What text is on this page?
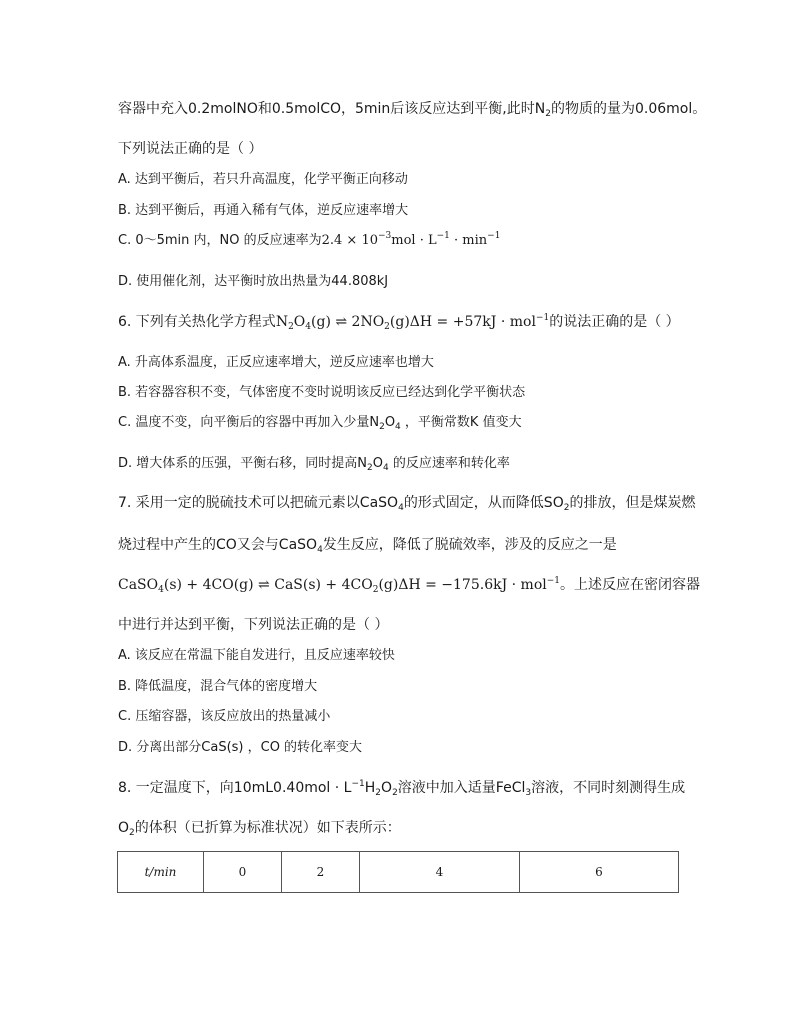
容器中充入0.2molNO和0.5molCO，5min后该反应达到平衡,此时$N_2$的物质的量为0.06mol。
下列说法正确的是（ ）
A. 达到平衡后，若只升高温度，化学平衡正向移动
B. 达到平衡后，再通入稀有气体，逆反应速率增大
C. 0～5min 内，NO 的反应速率为$2.4 \times 10^{-3}mol \cdot L^{-1} \cdot \min^{-1}$
D. 使用催化剂，达平衡时放出热量为44.808kJ
6. 下列有关热化学方程式$N_2O_4(g)$ ⇌ $2NO_2(g)\Delta H = +57kJ \cdot mol^{-1}$的说法正确的是（ ）
A. 升高体系温度，正反应速率增大，逆反应速率也增大
B. 若容器容积不变，气体密度不变时说明该反应已经达到化学平衡状态
C. 温度不变，向平衡后的容器中再加入少量$N_2O_4$ ，平衡常数K 值变大
D. 增大体系的压强，平衡右移，同时提高$N_2O_4$ 的反应速率和转化率
7. 采用一定的脱硫技术可以把硫元素以CaSO$_4$的形式固定，从而降低$SO_2$的排放，但是煤炭燃
烧过程中产生的CO又会与CaSO$_4$发生反应，降低了脱硫效率，涉及的反应之一是
CaSO$_4$(s) + 4CO(g) ⇌ $CaS(s) + 4CO_2(g)\Delta H = -175.6kJ \cdot mol^{-1}$。上述反应在密闭容器
中进行并达到平衡，下列说法正确的是（ ）
A. 该反应在常温下能自发进行，且反应速率较快
B. 降低温度，混合气体的密度增大
C. 压缩容器，该反应放出的热量减小
D. 分离出部分CaS(s) ，CO 的转化率变大
8. 一定温度下，向$10mL0.40mol \cdot L^{-1}H_2O_2$溶液中加入适量FeCl$_3$溶液，不同时刻测得生成
$O_2$的体积（已折算为标准状况）如下表所示：
t/min	0	2	4	6
